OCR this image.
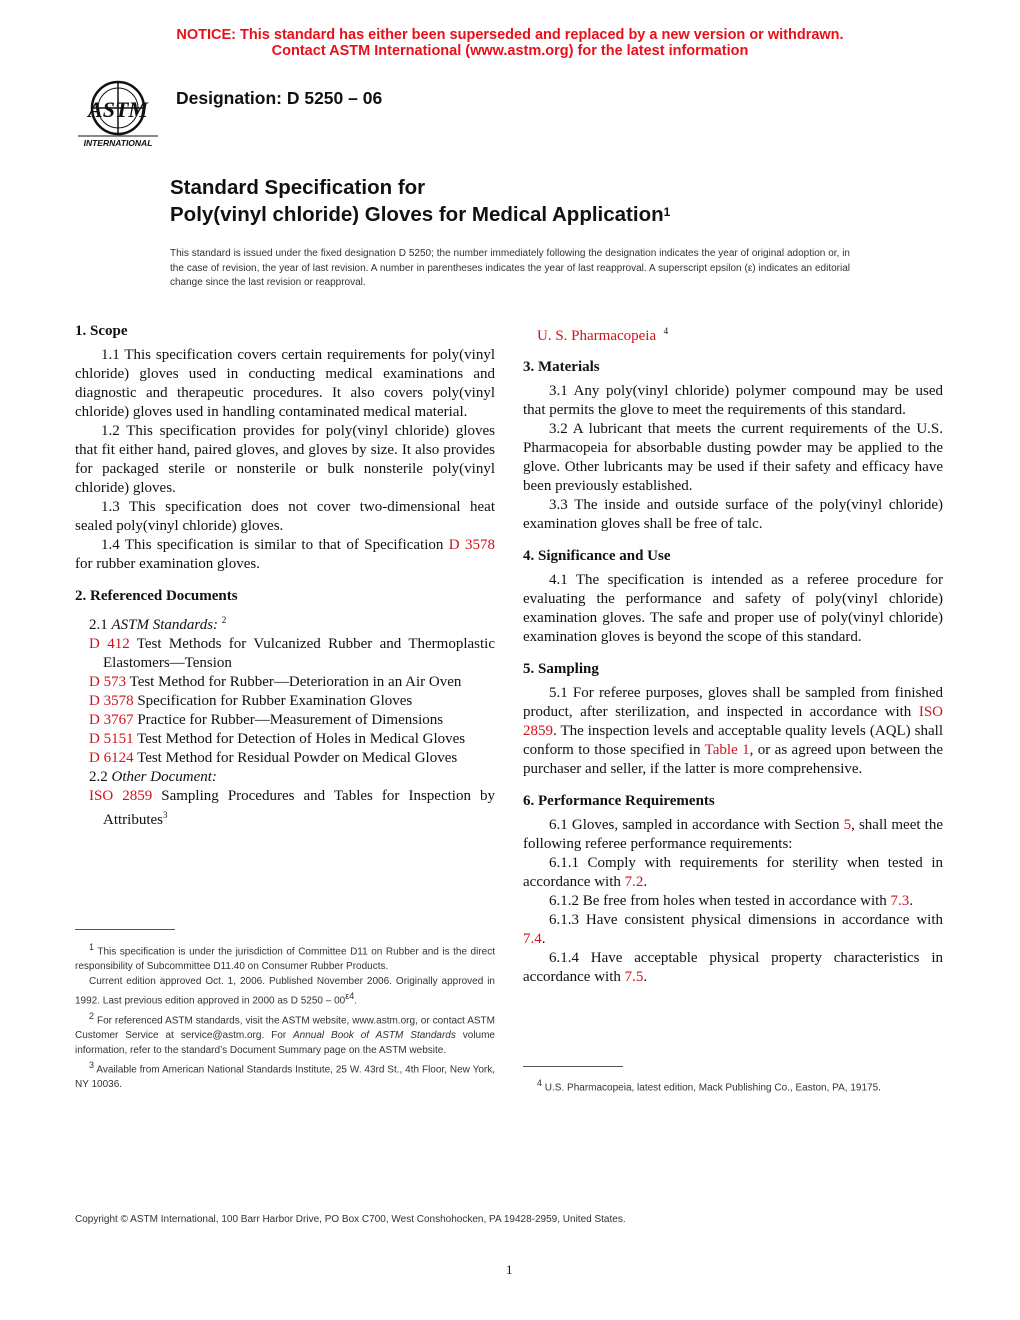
NOTICE: This standard has either been superseded and replaced by a new version or withdrawn.
Contact ASTM International (www.astm.org) for the latest information
ASTM
INTERNATIONAL
Designation: D 5250 – 06
Standard Specification for
Poly(vinyl chloride) Gloves for Medical Application$^1$
This standard is issued under the fixed designation D 5250; the number immediately following the designation indicates the year of original adoption or, in the case of revision, the year of last revision. A number in parentheses indicates the year of last reapproval. A superscript epsilon (ε) indicates an editorial change since the last revision or reapproval.
1. Scope

1.1 This specification covers certain requirements for poly(vinyl chloride) gloves used in conducting medical examinations and diagnostic and therapeutic procedures. It also covers poly(vinyl chloride) gloves used in handling contaminated medical material.

1.2 This specification provides for poly(vinyl chloride) gloves that fit either hand, paired gloves, and gloves by size. It also provides for packaged sterile or nonsterile or bulk nonsterile poly(vinyl chloride) gloves.

1.3 This specification does not cover two-dimensional heat sealed poly(vinyl chloride) gloves.

1.4 This specification is similar to that of Specification D 3578 for rubber examination gloves.

2. Referenced Documents

2.1 ASTM Standards: $^2$

D 412 Test Methods for Vulcanized Rubber and Thermoplastic Elastomers—Tension

D 573 Test Method for Rubber—Deterioration in an Air Oven

D 3578 Specification for Rubber Examination Gloves

D 3767 Practice for Rubber—Measurement of Dimensions

D 5151 Test Method for Detection of Holes in Medical Gloves

D 6124 Test Method for Residual Powder on Medical Gloves

2.2 Other Document:

ISO 2859 Sampling Procedures and Tables for Inspection by Attributes$^3$

$^1$ This specification is under the jurisdiction of Committee D11 on Rubber and is the direct responsibility of Subcommittee D11.40 on Consumer Rubber Products.

Current edition approved Oct. 1, 2006. Published November 2006. Originally approved in 1992. Last previous edition approved in 2000 as D $5250 - 00^{\varepsilon 4}$.

$^2$ For referenced ASTM standards, visit the ASTM website, www.astm.org, or contact ASTM Customer Service at service@astm.org. For Annual Book of ASTM Standards volume information, refer to the standard’s Document Summary page on the ASTM website.

$^3$ Available from American National Standards Institute, 25 W. 43rd St., 4th Floor, New York, NY 10036.

U. S. Pharmacopeia $^4$

3. Materials

3.1 Any poly(vinyl chloride) polymer compound may be used that permits the glove to meet the requirements of this standard.

3.2 A lubricant that meets the current requirements of the U.S. Pharmacopeia for absorbable dusting powder may be applied to the glove. Other lubricants may be used if their safety and efficacy have been previously established.

3.3 The inside and outside surface of the poly(vinyl chloride) examination gloves shall be free of talc.

4. Significance and Use

4.1 The specification is intended as a referee procedure for evaluating the performance and safety of poly(vinyl chloride) examination gloves. The safe and proper use of poly(vinyl chloride) examination gloves is beyond the scope of this standard.

5. Sampling

5.1 For referee purposes, gloves shall be sampled from finished product, after sterilization, and inspected in accordance with ISO 2859. The inspection levels and acceptable quality levels (AQL) shall conform to those specified in Table 1, or as agreed upon between the purchaser and seller, if the latter is more comprehensive.

6. Performance Requirements

6.1 Gloves, sampled in accordance with Section 5, shall meet the following referee performance requirements:

6.1.1 Comply with requirements for sterility when tested in accordance with 7.2.

6.1.2 Be free from holes when tested in accordance with 7.3.

6.1.3 Have consistent physical dimensions in accordance with 7.4.

6.1.4 Have acceptable physical property characteristics in accordance with 7.5.

$^4$ U.S. Pharmacopeia, latest edition, Mack Publishing Co., Easton, PA, 19175.

Copyright © ASTM International, 100 Barr Harbor Drive, PO Box C700, West Conshohocken, PA 19428-2959, United States.
1
